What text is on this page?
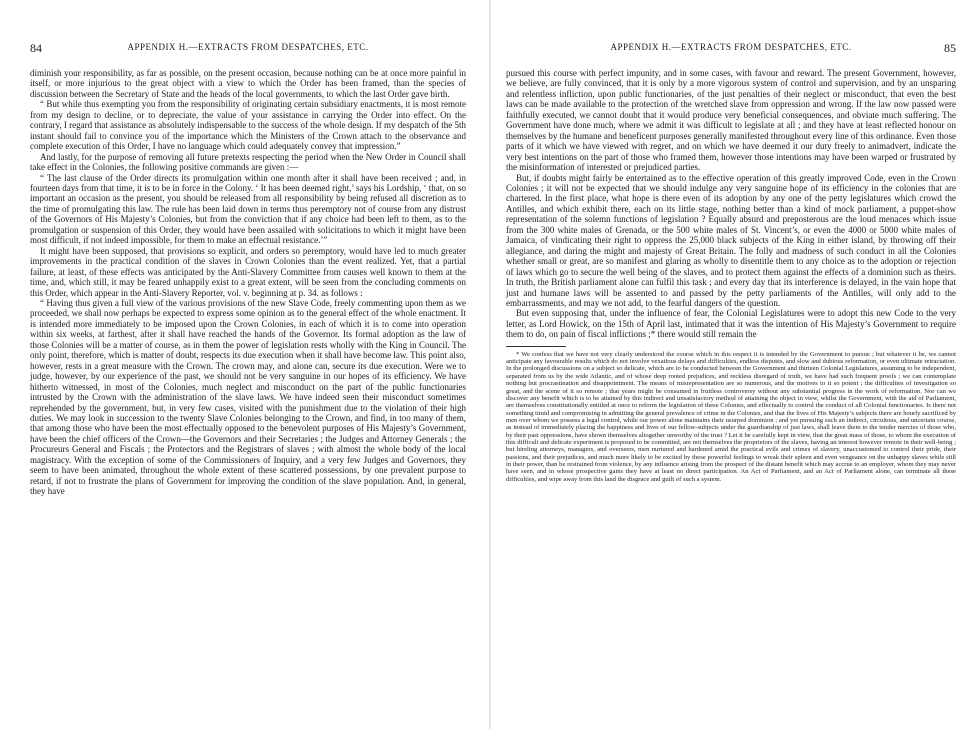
84	APPENDIX H.—EXTRACTS FROM DESPATCHES, ETC.

diminish your responsibility, as far as possible, on the present occasion, because nothing can be at once more painful in itself, or more injurious to the great object with a view to which the Order has been framed, than the species of discussion between the Secretary of State and the heads of the local governments, to which the last Order gave birth.

“ But while thus exempting you from the responsibility of originating certain subsidiary enactments, it is most remote from my design to decline, or to depreciate, the value of your assistance in carrying the Order into effect. On the contrary, I regard that assistance as absolutely indispensable to the success of the whole design. If my despatch of the 5th instant should fail to convince you of the importance which the Ministers of the Crown attach to the observance and complete execution of this Order, I have no language which could adequately convey that impression.”

And lastly, for the purpose of removing all future pretexts respecting the period when the New Order in Council shall take effect in the Colonies, the following positive commands are given :—

“ The last clause of the Order directs its promulgation within one month after it shall have been received ; and, in fourteen days from that time, it is to be in force in the Colony. ‘ It has been deemed right,’ says his Lordship, ‘ that, on so important an occasion as the present, you should be released from all responsibility by being refused all discretion as to the time of promulgating this law. The rule has been laid down in terms thus peremptory not of course from any distrust of the Governors of His Majesty’s Colonies, but from the conviction that if any choice had been left to them, as to the promulgation or suspension of this Order, they would have been assailed with solicitations to which it might have been most difficult, if not indeed impossible, for them to make an effectual resistance.’”

It might have been supposed, that provisions so explicit, and orders so peremptory, would have led to much greater improvements in the practical condition of the slaves in Crown Colonies than the event realized. Yet, that a partial failure, at least, of these effects was anticipated by the Anti-Slavery Committee from causes well known to them at the time, and, which still, it may be feared unhappily exist to a great extent, will be seen from the concluding comments on this Order, which appear in the Anti-Slavery Reporter, vol. v. beginning at p. 34. as follows :

“ Having thus given a full view of the various provisions of the new Slave Code, freely commenting upon them as we proceeded, we shall now perhaps be expected to express some opinion as to the general effect of the whole enactment. It is intended more immediately to be imposed upon the Crown Colonies, in each of which it is to come into operation within six weeks, at farthest, after it shall have reached the hands of the Governor. Its formal adoption as the law of those Colonies will be a matter of course, as in them the power of legislation rests wholly with the King in Council. The only point, therefore, which is matter of doubt, respects its due execution when it shall have become law. This point also, however, rests in a great measure with the Crown. The crown may, and alone can, secure its due execution. Were we to judge, however, by our experience of the past, we should not be very sanguine in our hopes of its efficiency. We have hitherto witnessed, in most of the Colonies, much neglect and misconduct on the part of the public functionaries intrusted by the Crown with the administration of the slave laws. We have indeed seen their misconduct sometimes reprehended by the government, but, in very few cases, visited with the punishment due to the violation of their high duties. We may look in succession to the twenty Slave Colonies belonging to the Crown, and find, in too many of them, that among those who have been the most effectually opposed to the benevolent purposes of His Majesty’s Government, have been the chief officers of the Crown—the Governors and their Secretaries ; the Judges and Attorney Generals ; the Procureurs General and Fiscals ; the Protectors and the Registrars of slaves ; with almost the whole body of the local magistracy. With the exception of some of the Commissioners of Inquiry, and a very few Judges and Governors, they seem to have been animated, throughout the whole extent of these scattered possessions, by one prevalent purpose to retard, if not to frustrate the plans of Government for improving the condition of the slave population. And, in general, they have

APPENDIX H.—EXTRACTS FROM DESPATCHES, ETC.	85

pursued this course with perfect impunity, and in some cases, with favour and reward. The present Government, however, we believe, are fully convinced, that it is only by a more vigorous system of control and supervision, and by an unsparing and relentless infliction, upon public functionaries, of the just penalties of their neglect or misconduct, that even the best laws can be made available to the protection of the wretched slave from oppression and wrong. If the law now passed were faithfully executed, we cannot doubt that it would produce very beneficial consequences, and obviate much suffering. The Government have done much, where we admit it was difficult to legislate at all ; and they have at least reflected honour on themselves by the humane and beneficent purposes generally manifested throughout every line of this ordinance. Even those parts of it which we have viewed with regret, and on which we have deemed it our duty freely to animadvert, indicate the very best intentions on the part of those who framed them, however those intentions may have been warped or frustrated by the misinformation of interested or prejudiced parties.

But, if doubts might fairly be entertained as to the effective operation of this greatly improved Code, even in the Crown Colonies ; it will not be expected that we should indulge any very sanguine hope of its efficiency in the colonies that are chartered. In the first place, what hope is there even of its adoption by any one of the petty legislatures which crowd the Antilles, and which exhibit there, each on its little stage, nothing better than a kind of mock parliament, a puppet-show representation of the solemn functions of legislation ? Equally absurd and preposterous are the loud menaces which issue from the 300 white males of Grenada, or the 500 white males of St. Vincent’s, or even the 4000 or 5000 white males of Jamaica, of vindicating their right to oppress the 25,000 black subjects of the King in either island, by throwing off their allegiance, and daring the might and majesty of Great Britain. The folly and madness of such conduct in all the Colonies whether small or great, are so manifest and glaring as wholly to disentitle them to any choice as to the adoption or rejection of laws which go to secure the well being of the slaves, and to protect them against the effects of a dominion such as theirs. In truth, the British parliament alone can fulfil this task ; and every day that its interference is delayed, in the vain hope that just and humane laws will be assented to and passed by the petty parliaments of the Antilles, will only add to the embarrassments, and may we not add, to the fearful dangers of the question.

But even supposing that, under the influence of fear, the Colonial Legislatures were to adopt this new Code to the very letter, as Lord Howick, on the 15th of April last, intimated that it was the intention of His Majesty’s Government to require them to do, on pain of fiscal inflictions ;* there would still remain the

* We confess that we have not very clearly understood the course which in this respect it is intended by the Government to pursue ; but whatever it be, we cannot anticipate any favourable results which do not involve vexatious delays and difficulties, endless disputes, and slow and dubious reformation, or even ultimate retractation. In the prolonged discussions on a subject so delicate, which are to be conducted between the Government and thirteen Colonial Legislatures, assuming to be independent, separated from us by the wide Atlantic, and of whose deep rooted prejudices, and reckless disregard of truth, we have had such frequent proofs ; we can contemplate nothing but procrastination and disappointment. The means of misrepresentation are so numerous, and the motives to it so potent ; the difficulties of investigation so great, and the scene of it so remote ; that years might be consumed in fruitless controversy without any substantial progress in the work of reformation. Nor can we discover any benefit which is to be attained by this indirect and unsatisfactory method of attaining the object in view, whilst the Government, with the aid of Parliament, are themselves constitutionally entitled at once to reform the legislation of these Colonies, and effectually to control the conduct of all Colonial functionaries. Is there not something timid and compromising in admitting the general prevalence of crime in the Colonies, and that the lives of His Majesty’s subjects there are hourly sacrificed by men over whom we possess a legal control, while our power alone maintains their usurped dominion ; and yet pursuing such an indirect, circuitous, and uncertain course, as instead of immediately placing the happiness and lives of our fellow-subjects under the guardianship of just laws, shall leave them to the tender mercies of those who, by their past oppressions, have shown themselves altogether unworthy of the trust ? Let it be carefully kept in view, that the great mass of those, to whom the execution of this difficult and delicate experiment is proposed to be committed, are not themselves the proprietors of the slaves, having an interest however remote in their well-being ; but hireling attorneys, managers, and overseers, men nurtured and hardened amid the practical evils and crimes of slavery, unaccustomed to control their pride, their passions, and their prejudices, and much more likely to be excited by these powerful feelings to wreak their spleen and even vengeance on the unhappy slaves while still in their power, than be restrained from violence, by any influence arising from the prospect of the distant benefit which may accrue to an employer, whom they may never have seen, and in whose prospective gains they have at least no direct participation. An Act of Parliament, and an Act of Parliament alone, can terminate all these difficulties, and wipe away from this land the disgrace and guilt of such a system.
